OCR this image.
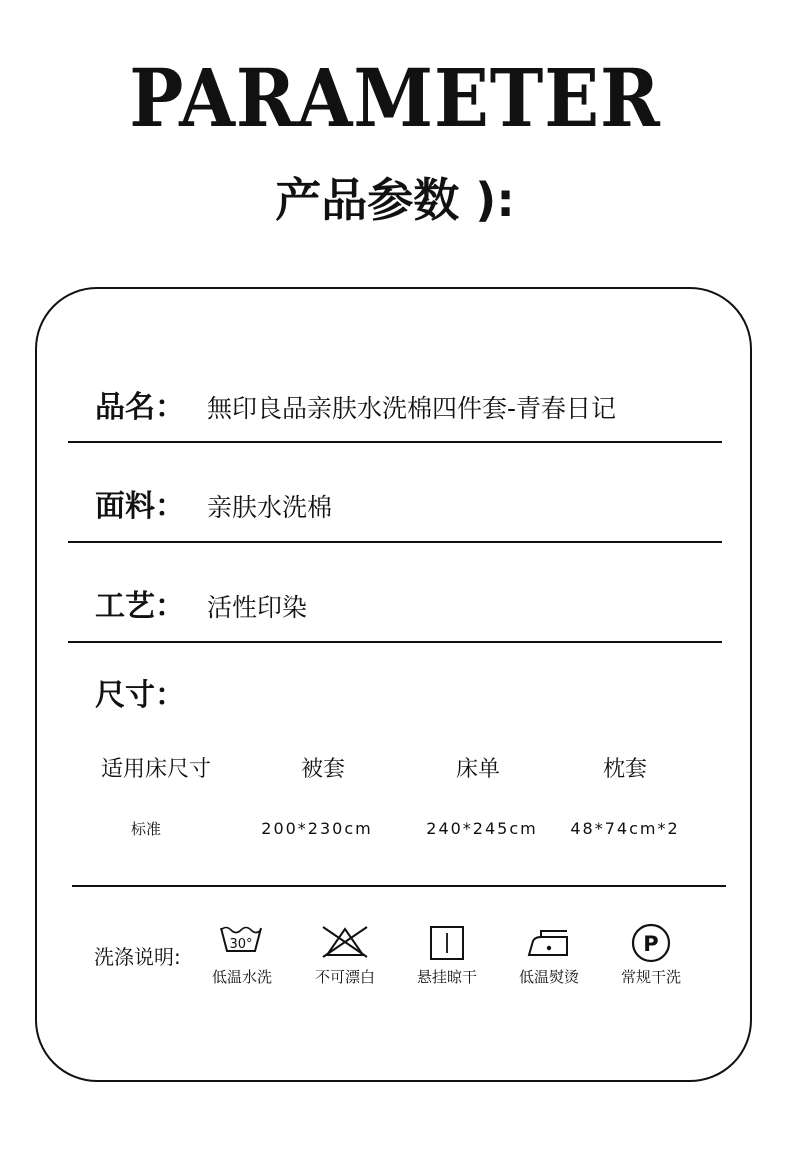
PARAMETER
产品参数 ):
品名： 無印良品亲肤水洗棉四件套-青春日记
面料： 亲肤水洗棉
工艺： 活性印染
尺寸：
适用床尺寸	被套	床单	枕套
标准	200*230cm	240*245cm	48*74cm*2
洗涤说明:
30°
低温水洗	不可漂白	悬挂晾干	低温熨烫
P
常规干洗
